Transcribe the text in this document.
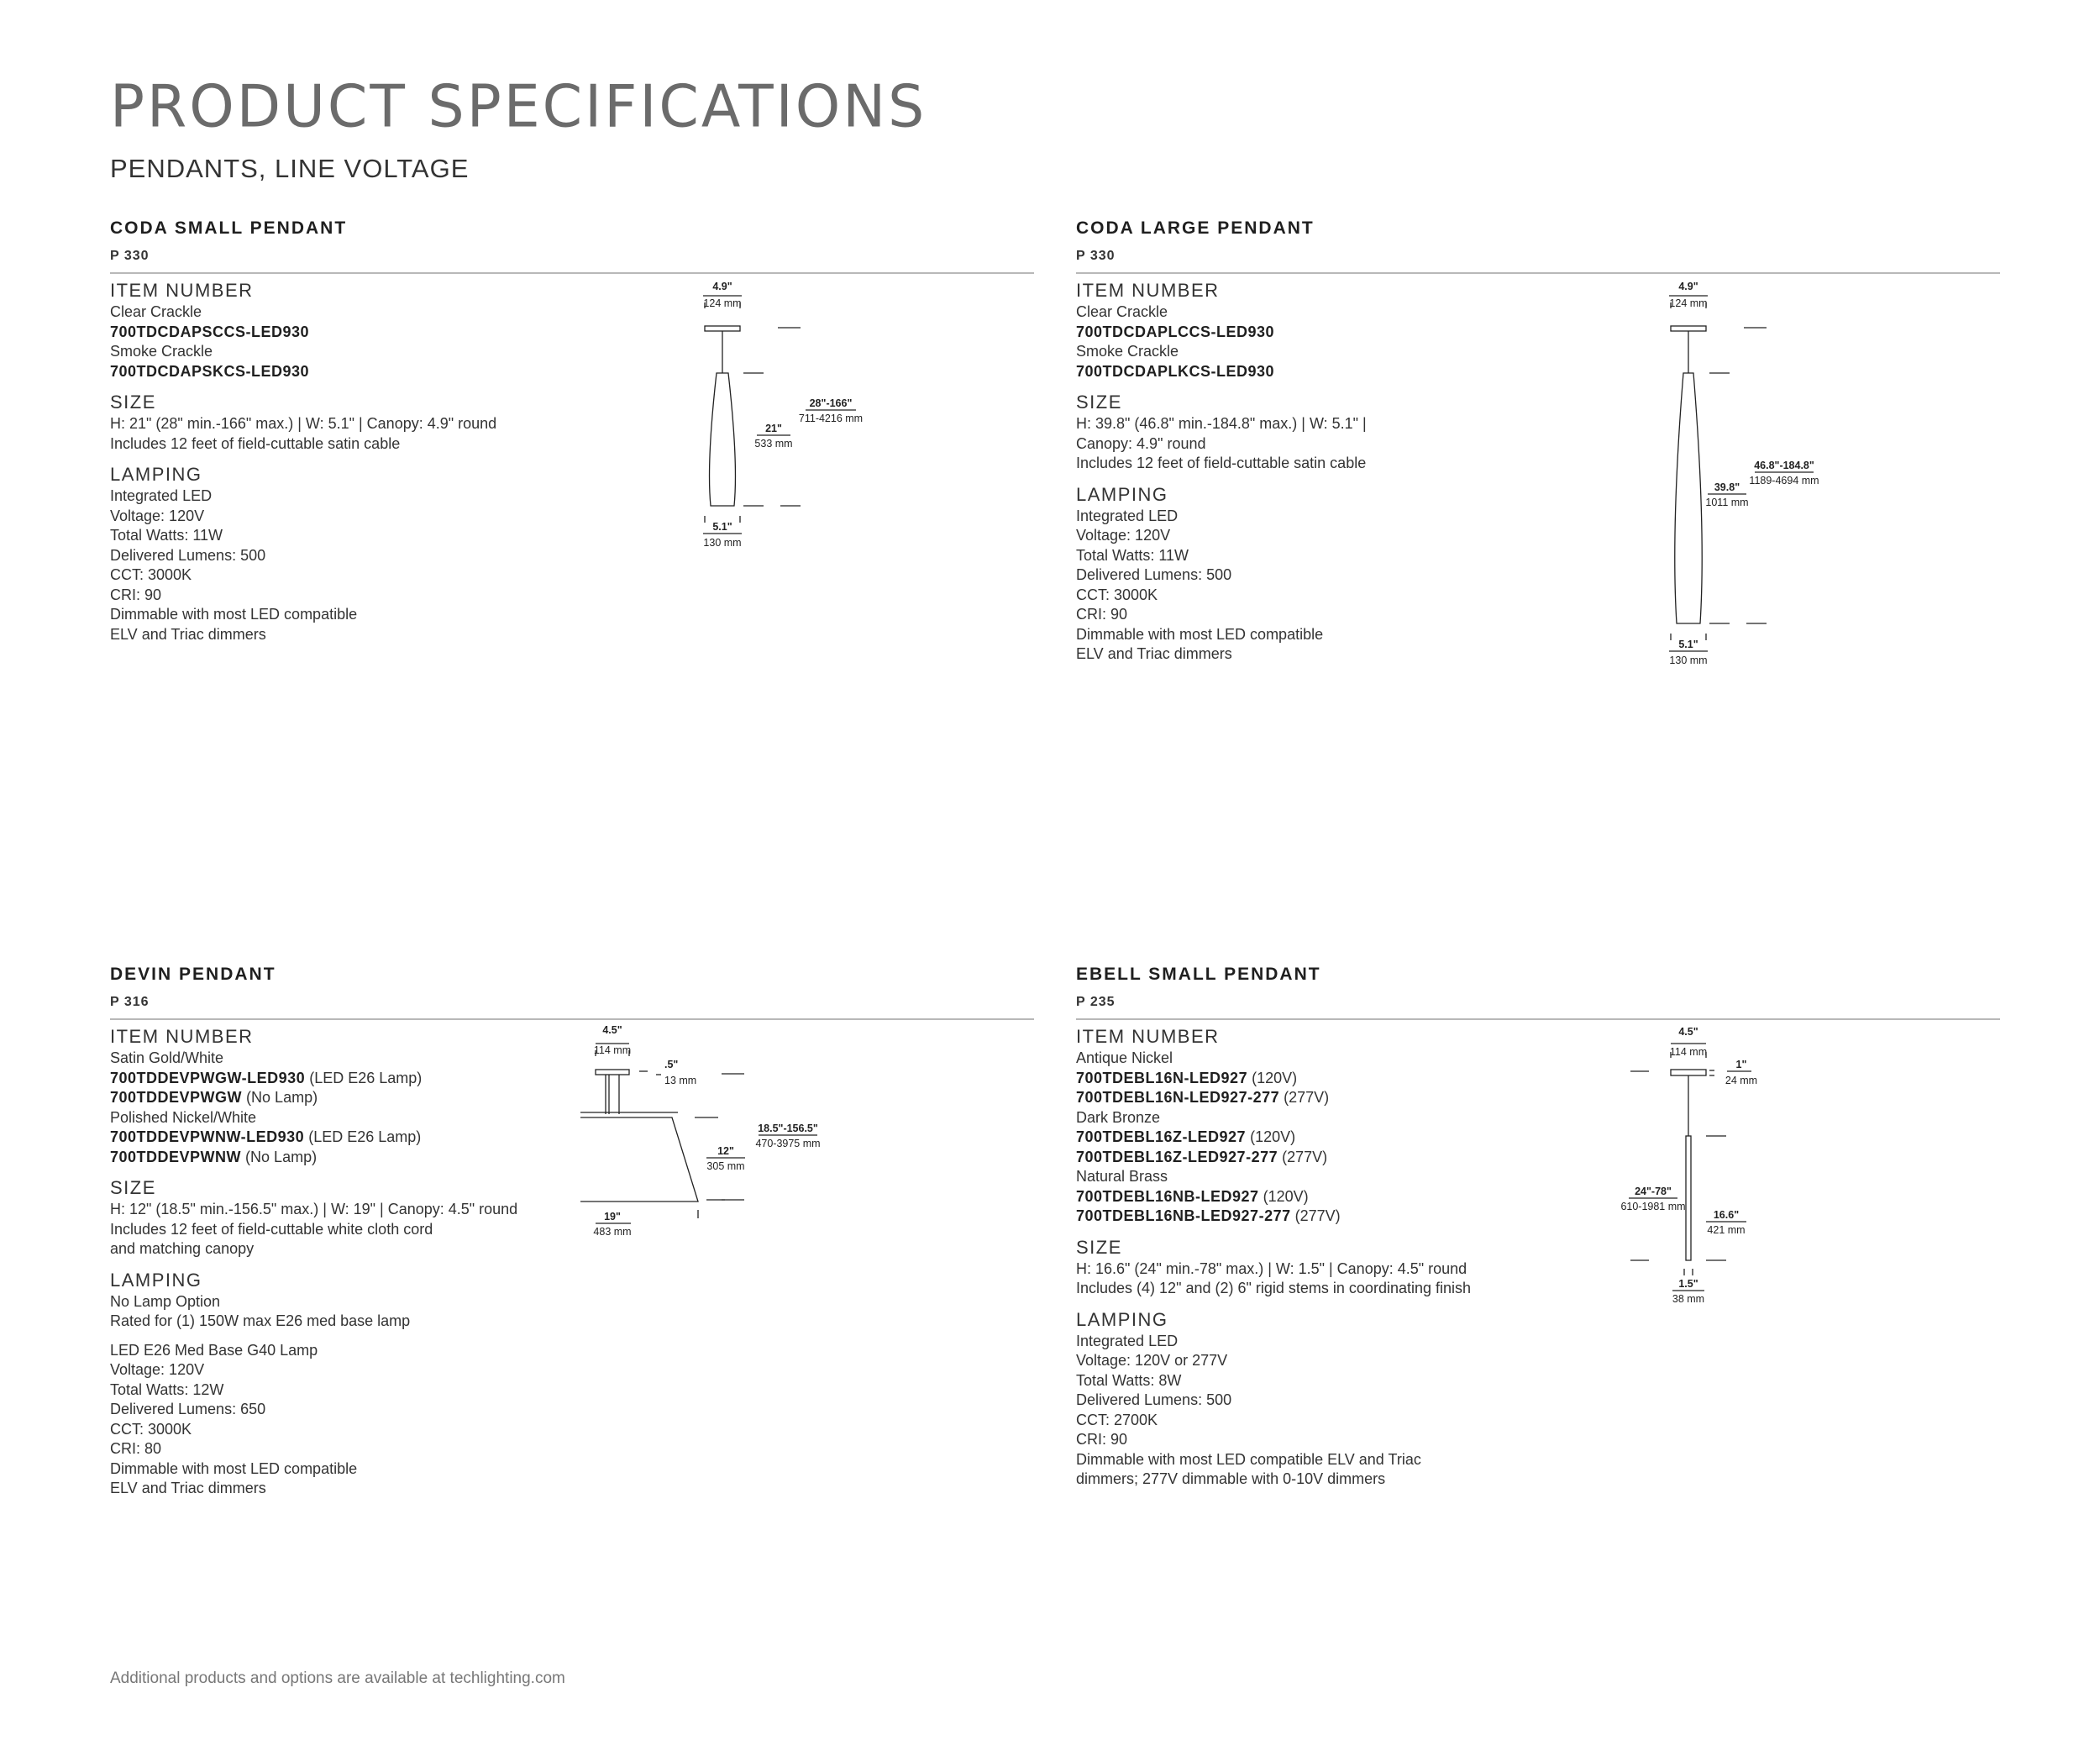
PRODUCT SPECIFICATIONS
PENDANTS, LINE VOLTAGE
CODA SMALL PENDANT
P 330
ITEM NUMBER
Clear Crackle
700TDCDAPSCCS-LED930
Smoke Crackle
700TDCDAPSKCS-LED930
SIZE
H: 21" (28" min.-166" max.) | W: 5.1" | Canopy: 4.9" round
Includes 12 feet of field-cuttable satin cable
LAMPING
Integrated LED
Voltage: 120V
Total Watts: 11W
Delivered Lumens: 500
CCT: 3000K
CRI: 90
Dimmable with most LED compatible
ELV and Triac dimmers
4.9"
124 mm
21"
533 mm
28"-166"
711-4216 mm
5.1"
130 mm
CODA LARGE PENDANT
P 330
ITEM NUMBER
Clear Crackle
700TDCDAPLCCS-LED930
Smoke Crackle
700TDCDAPLKCS-LED930
SIZE
H: 39.8" (46.8" min.-184.8" max.) | W: 5.1" |
Canopy: 4.9" round
Includes 12 feet of field-cuttable satin cable
LAMPING
Integrated LED
Voltage: 120V
Total Watts: 11W
Delivered Lumens: 500
CCT: 3000K
CRI: 90
Dimmable with most LED compatible
ELV and Triac dimmers
4.9"
124 mm
39.8"
1011 mm
46.8"-184.8"
1189-4694 mm
5.1"
130 mm
DEVIN PENDANT
P 316
ITEM NUMBER
Satin Gold/White
700TDDEVPWGW-LED930 (LED E26 Lamp)
700TDDEVPWGW (No Lamp)
Polished Nickel/White
700TDDEVPWNW-LED930 (LED E26 Lamp)
700TDDEVPWNW (No Lamp)
SIZE
H: 12" (18.5" min.-156.5" max.) | W: 19" | Canopy: 4.5" round
Includes 12 feet of field-cuttable white cloth cord
and matching canopy
LAMPING
No Lamp Option
Rated for (1) 150W max E26 med base lamp
LED E26 Med Base G40 Lamp
Voltage: 120V
Total Watts: 12W
Delivered Lumens: 650
CCT: 3000K
CRI: 80
Dimmable with most LED compatible
ELV and Triac dimmers
4.5"
114 mm
.5"
13 mm
12"
305 mm
18.5"-156.5"
470-3975 mm
19"
483 mm
EBELL SMALL PENDANT
P 235
ITEM NUMBER
Antique Nickel
700TDEBL16N-LED927 (120V)
700TDEBL16N-LED927-277 (277V)
Dark Bronze
700TDEBL16Z-LED927 (120V)
700TDEBL16Z-LED927-277 (277V)
Natural Brass
700TDEBL16NB-LED927 (120V)
700TDEBL16NB-LED927-277 (277V)
SIZE
H: 16.6" (24" min.-78" max.) | W: 1.5" | Canopy: 4.5" round
Includes (4) 12" and (2) 6" rigid stems in coordinating finish
LAMPING
Integrated LED
Voltage: 120V or 277V
Total Watts: 8W
Delivered Lumens: 500
CCT: 2700K
CRI: 90
Dimmable with most LED compatible ELV and Triac
dimmers; 277V dimmable with 0-10V dimmers
4.5"
114 mm
1"
24 mm
24"-78"
610-1981 mm
16.6"
421 mm
1.5"
38 mm
Additional products and options are available at techlighting.com
